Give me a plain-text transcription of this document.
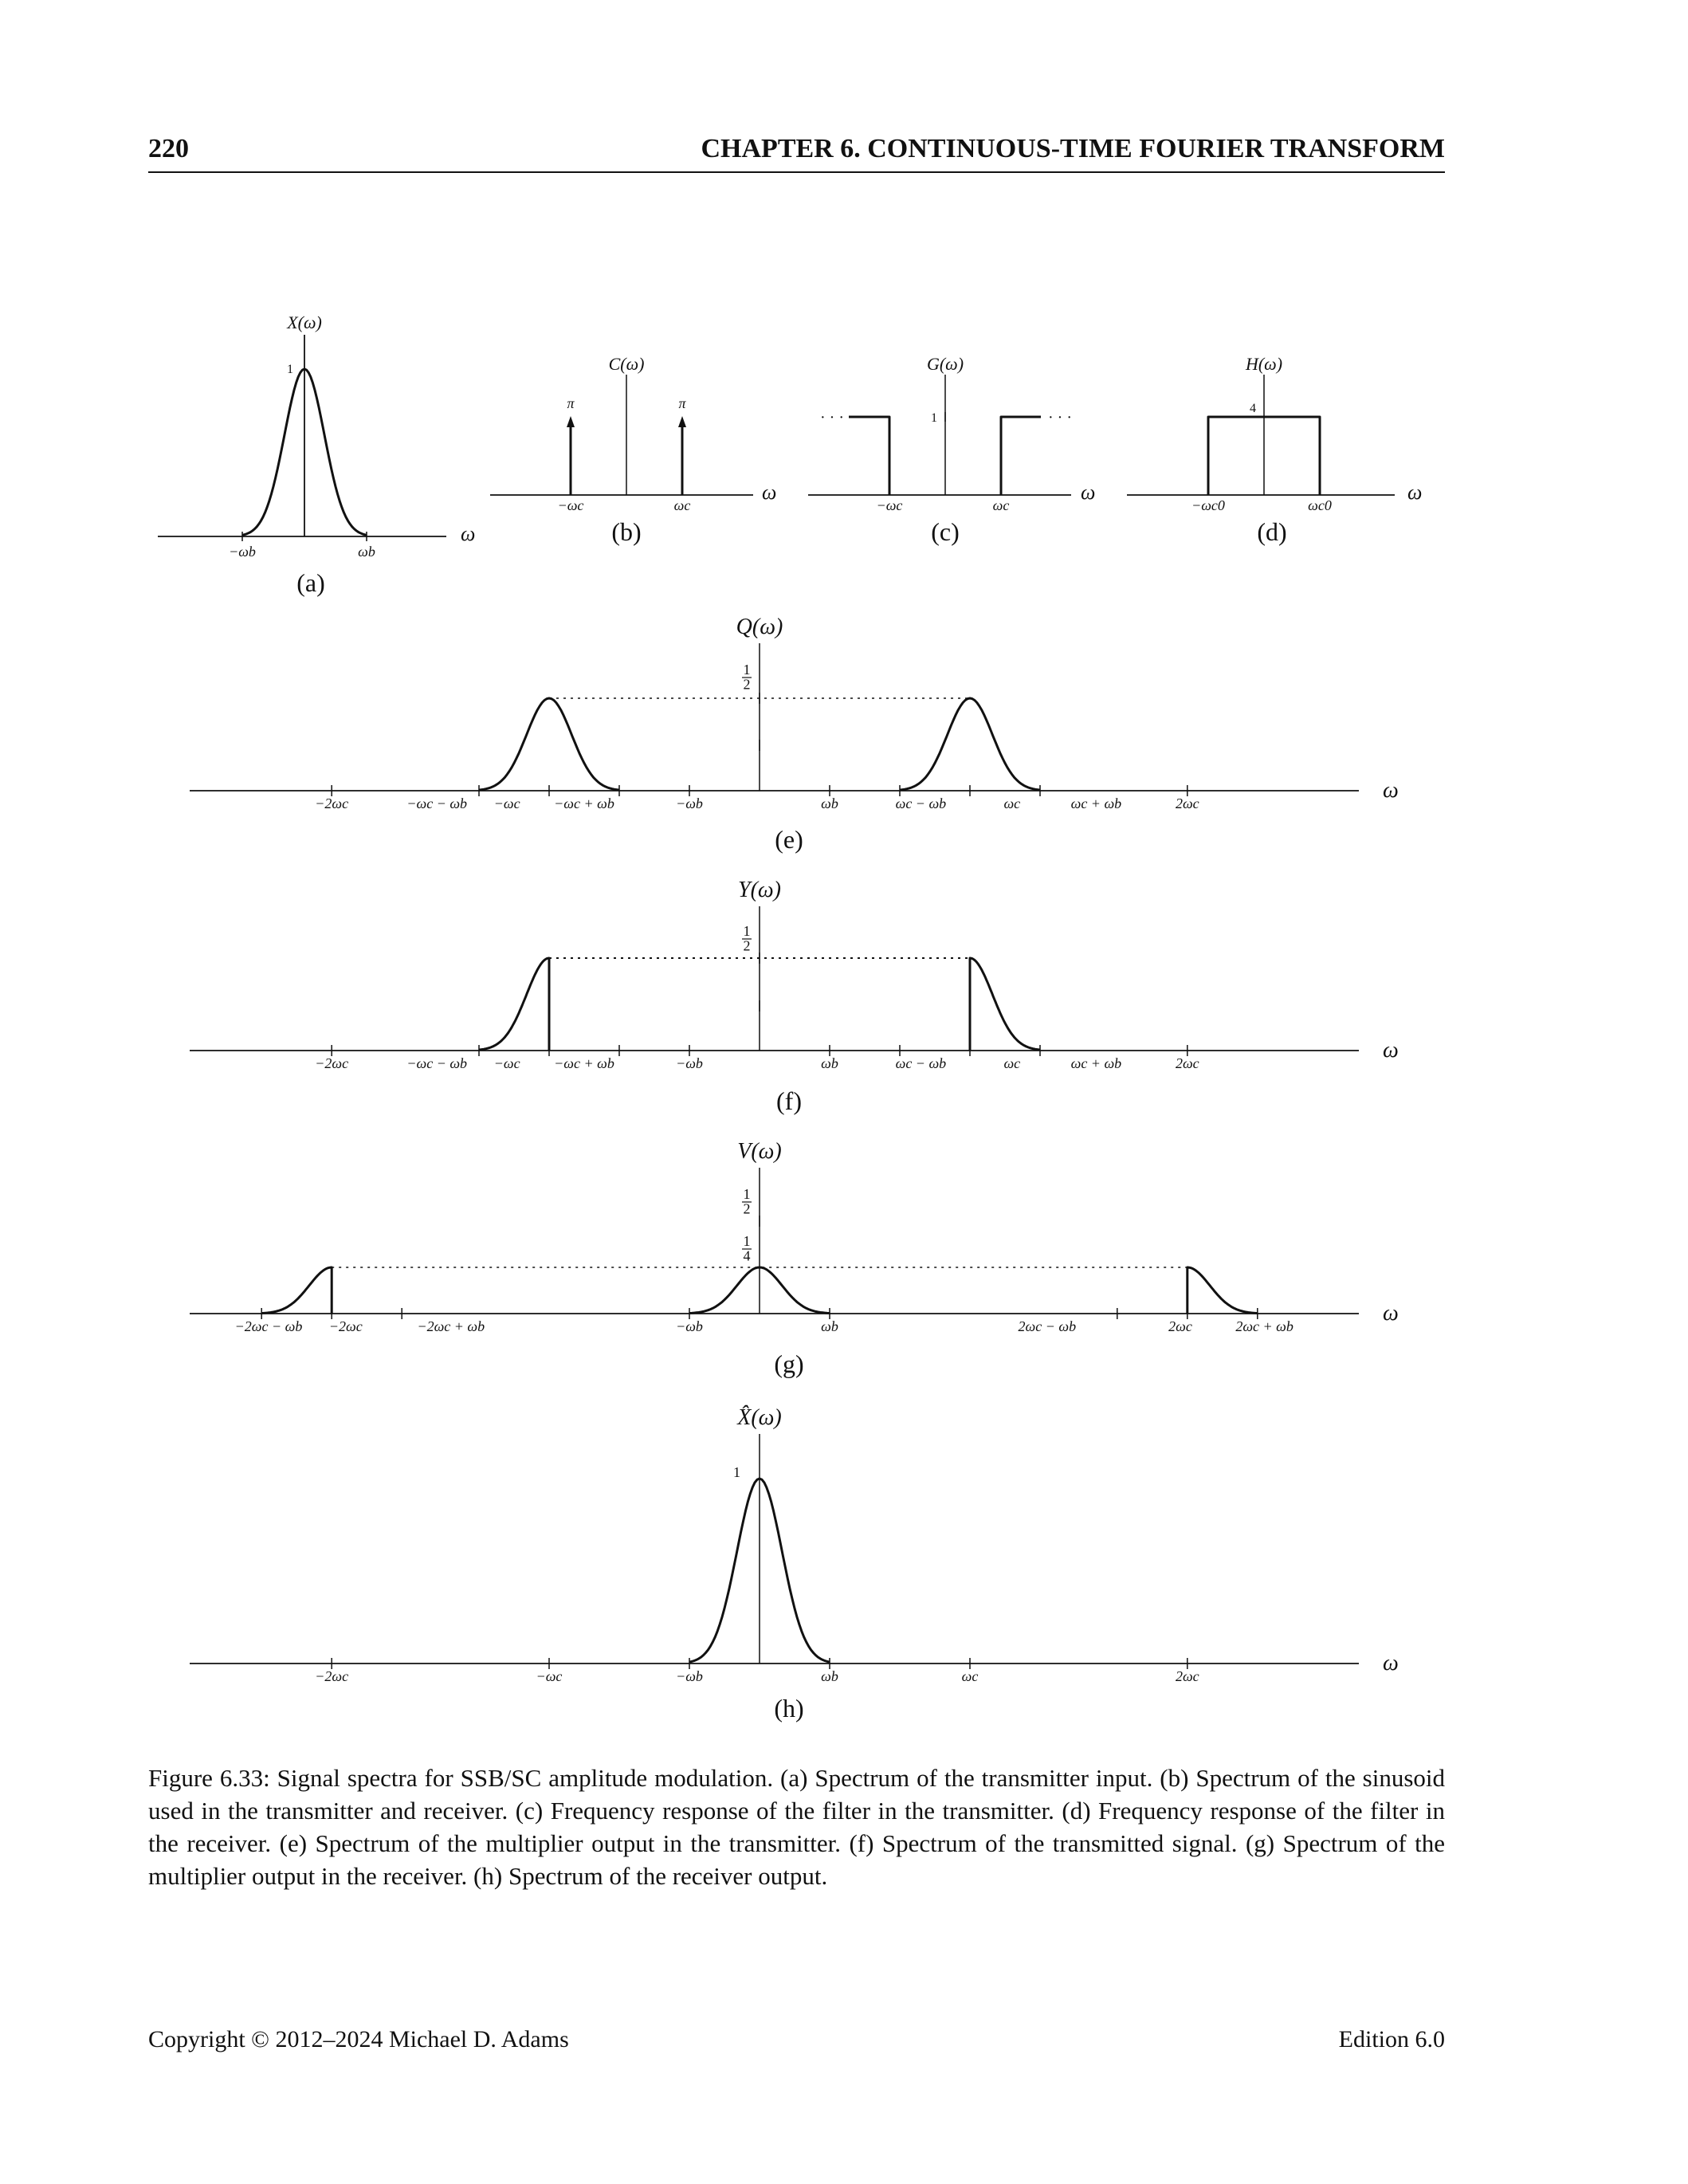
220	CHAPTER 6. CONTINUOUS-TIME FOURIER TRANSFORM
X(ω)
1
−ωb	ωb
ω
(a)
C(ω)
π
−ωc
π
ωc
ω
(b)
G(ω)
1
· · ·	· · ·
−ωc	ωc
ω
(c)
H(ω)
4
−ωc0	ωc0
ω
(d)
Q(ω)
ω
(e)
1
2
−2ωc	−ωc − ωb −ωc −ωc + ωb	−ωb	ωb	ωc − ωb	ωc	ωc + ωb	2ωc
Y(ω)
ω
(f)
1
2
−2ωc	−ωc − ωb −ωc −ωc + ωb	−ωb	ωb	ωc − ωb	ωc	ωc + ωb	2ωc
V(ω)
ω
(g)
1
2
1
4
−2ωc − ωb −2ωc	−2ωc + ωb	−ωb	ωb	2ωc − ωb	2ωc	2ωc + ωb
X̂(ω)
ω
(h)
1
−2ωc	−ωc	−ωb	ωb	ωc	2ωc
Figure 6.33: Signal spectra for SSB/SC amplitude modulation. (a) Spectrum of the transmitter input. (b) Spectrum of the sinusoid used in the transmitter and receiver. (c) Frequency response of the filter in the transmitter. (d) Frequency response of the filter in the receiver. (e) Spectrum of the multiplier output in the transmitter. (f) Spectrum of the transmitted signal. (g) Spectrum of the multiplier output in the receiver. (h) Spectrum of the receiver output.
Copyright © 2012–2024 Michael D. Adams	Edition 6.0
